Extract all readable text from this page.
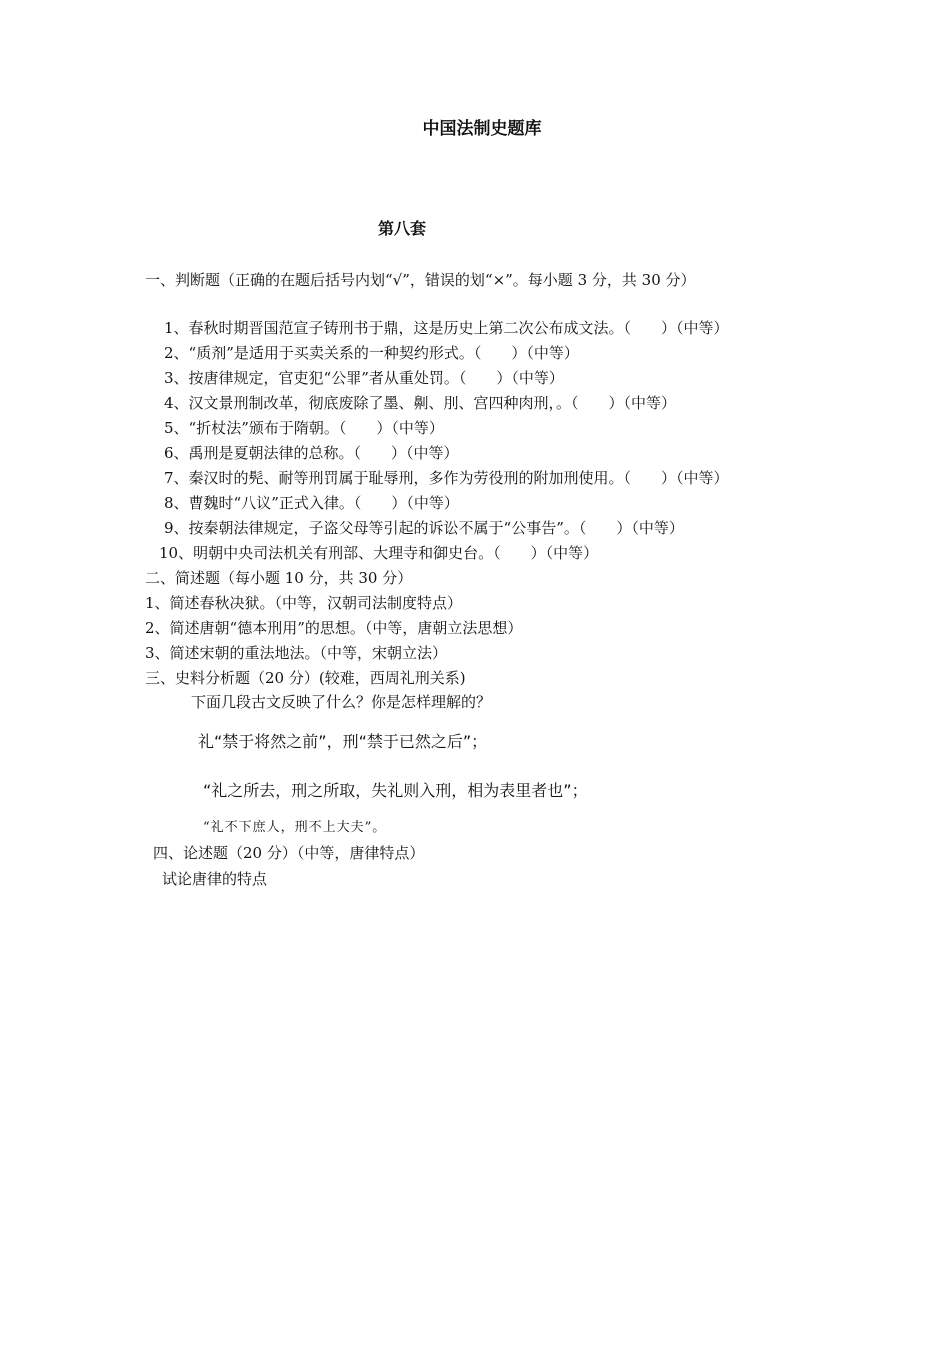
中国法制史题库

第八套

一、判断题（正确的在题后括号内划“√”，错误的划“×”。每小题 3 分，共 30 分）

1、春秋时期晋国范宣子铸刑书于鼎，这是历史上第二次公布成文法。（　　）（中等）

2、“质剂”是适用于买卖关系的一种契约形式。（　　）（中等）

3、按唐律规定，官吏犯“公罪”者从重处罚。（　　）（中等）

4、汉文景刑制改革，彻底废除了墨、劓、刖、宫四种肉刑，。（　　）（中等）

5、“折杖法”颁布于隋朝。（　　）（中等）

6、禹刑是夏朝法律的总称。（　　）（中等）

7、秦汉时的髡、耐等刑罚属于耻辱刑，多作为劳役刑的附加刑使用。（　　）（中等）

8、曹魏时“八议”正式入律。（　　）（中等）

9、按秦朝法律规定，子盗父母等引起的诉讼不属于“公事告”。（　　）（中等）

10、明朝中央司法机关有刑部、大理寺和御史台。（　　）（中等）

二、简述题（每小题 10 分，共 30 分）

1、简述春秋决狱。（中等，汉朝司法制度特点）

2、简述唐朝“德本刑用”的思想。（中等，唐朝立法思想）

3、简述宋朝的重法地法。（中等，宋朝立法）

三、史料分析题（20 分）(较难，西周礼刑关系)

下面几段古文反映了什么？你是怎样理解的？

礼“禁于将然之前”，刑“禁于已然之后”；

“礼之所去，刑之所取，失礼则入刑，相为表里者也”；

“礼不下庶人，刑不上大夫”。

四、论述题（20 分）（中等，唐律特点）

试论唐律的特点
